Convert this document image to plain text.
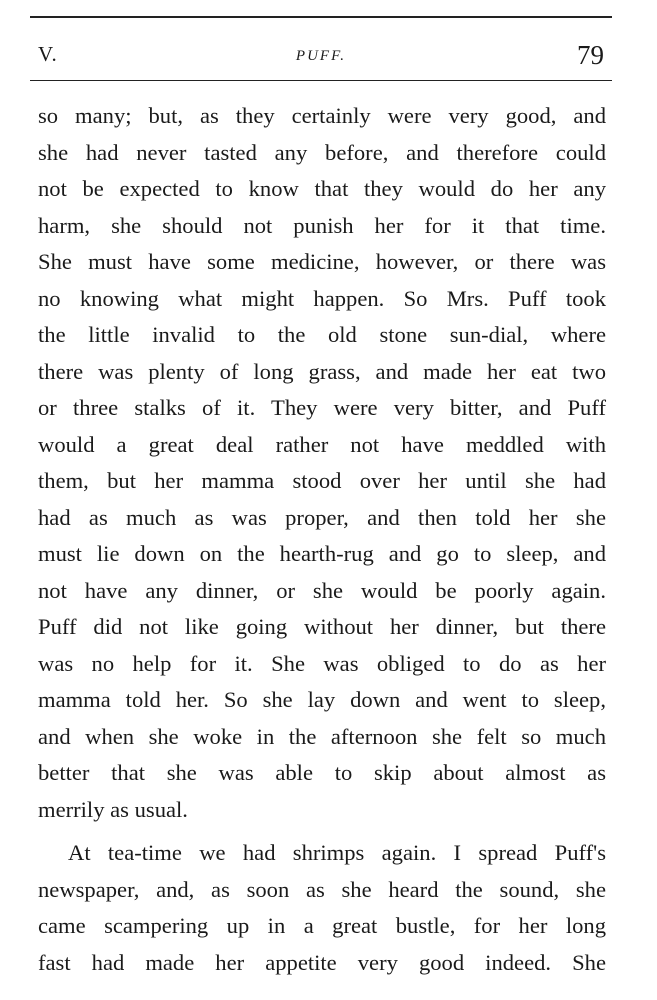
V.	PUFF.	79
so many; but, as they certainly were very good, and
she had never tasted any before, and therefore could
not be expected to know that they would do her any
harm, she should not punish her for it that time.
She must have some medicine, however, or there was
no knowing what might happen. So Mrs. Puff took
the little invalid to the old stone sun-dial, where
there was plenty of long grass, and made her eat two
or three stalks of it. They were very bitter, and Puff
would a great deal rather not have meddled with
them, but her mamma stood over her until she had
had as much as was proper, and then told her she
must lie down on the hearth-rug and go to sleep, and
not have any dinner, or she would be poorly again.
Puff did not like going without her dinner, but there
was no help for it. She was obliged to do as her
mamma told her. So she lay down and went to sleep,
and when she woke in the afternoon she felt so much
better that she was able to skip about almost as
merrily as usual.
At tea-time we had shrimps again. I spread Puff's
newspaper, and, as soon as she heard the sound, she
came scampering up in a great bustle, for her long
fast had made her appetite very good indeed. She
